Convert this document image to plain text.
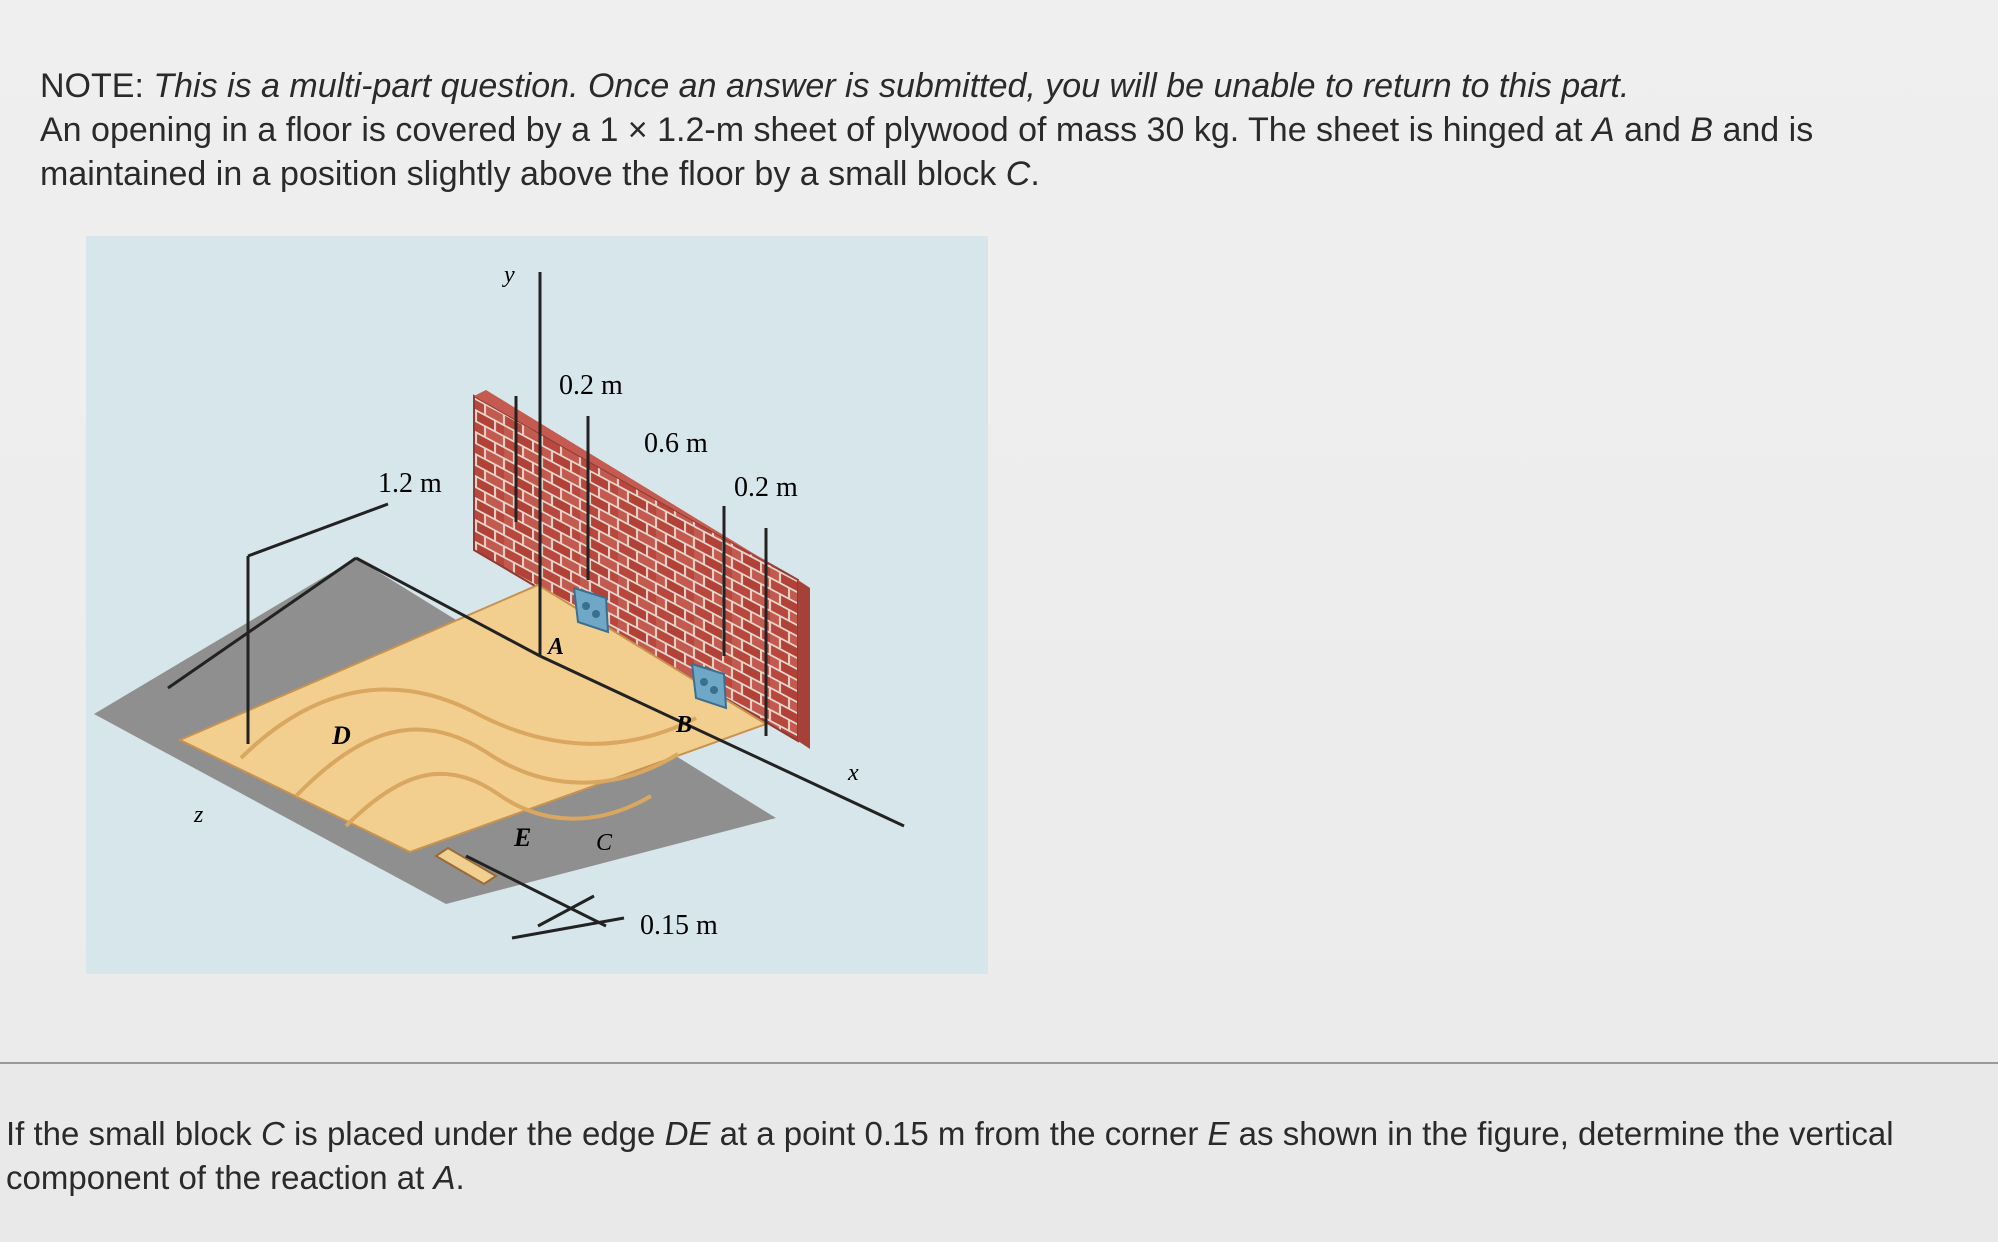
NOTE: This is a multi-part question. Once an answer is submitted, you will be unable to return to this part.

An opening in a floor is covered by a 1 × 1.2-m sheet of plywood of mass 30 kg. The sheet is hinged at A and B and is maintained in a position slightly above the floor by a small block C.

y
x
z
1.2 m
0.2 m
0.6 m
0.2 m
0.15 m
A
B
C
D
E

If the small block C is placed under the edge DE at a point 0.15 m from the corner E as shown in the figure, determine the vertical component of the reaction at A.
